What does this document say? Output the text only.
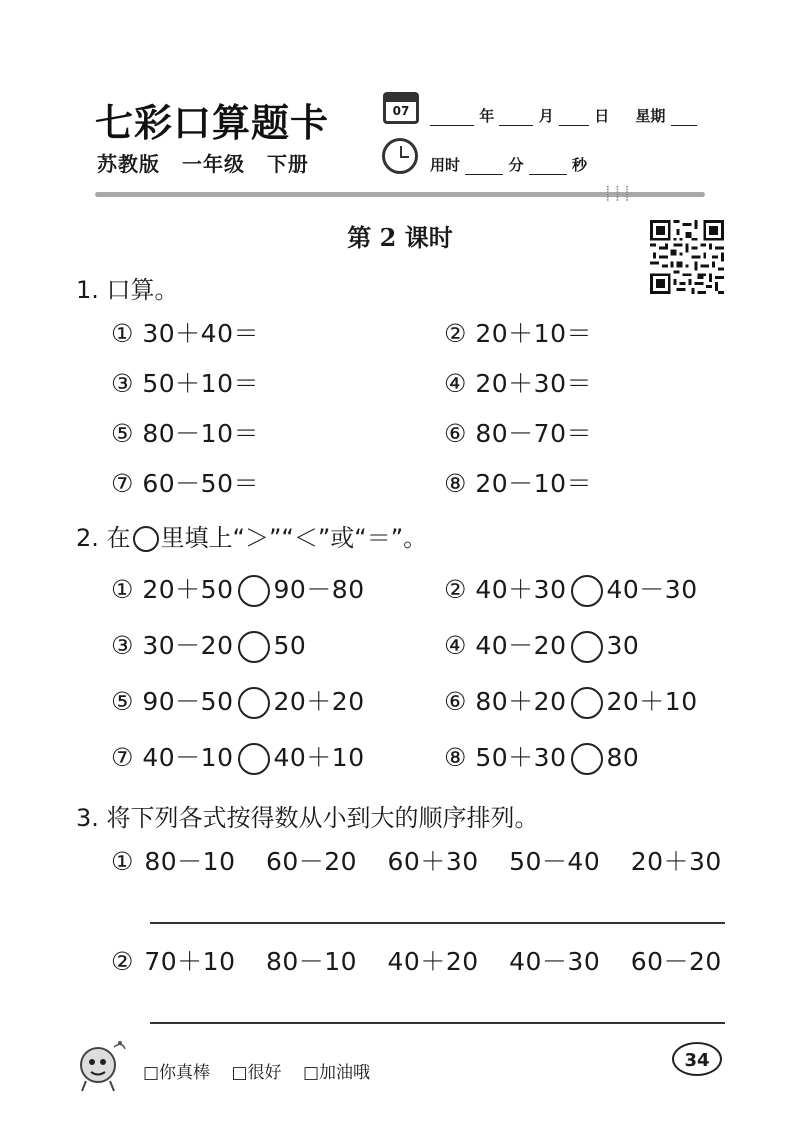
七彩口算题卡
苏教版 一年级 下册
07	年	月	日 星期
用时	分	秒
⸽⸽⸽
第 2 课时
1. 口算。
① 30＋40＝	② 20＋10＝
③ 50＋10＝	④ 20＋30＝
⑤ 80－10＝	⑥ 80－70＝
⑦ 60－50＝	⑧ 20－10＝
2. 在 里填上“＞”“＜”或“＝”。
① 20＋50 90－80	② 40＋30 40－30
③ 30－20 50	④ 40－20 30
⑤ 90－50 20＋20	⑥ 80＋20 20＋10
⑦ 40－10 40＋10	⑧ 50＋30 80
3. 将下列各式按得数从小到大的顺序排列。
① 80－10 60－20 60＋30 50－40 20＋30
② 70＋10 80－10 40＋20 40－30 60－20
□你真棒 □很好 □加油哦
34
